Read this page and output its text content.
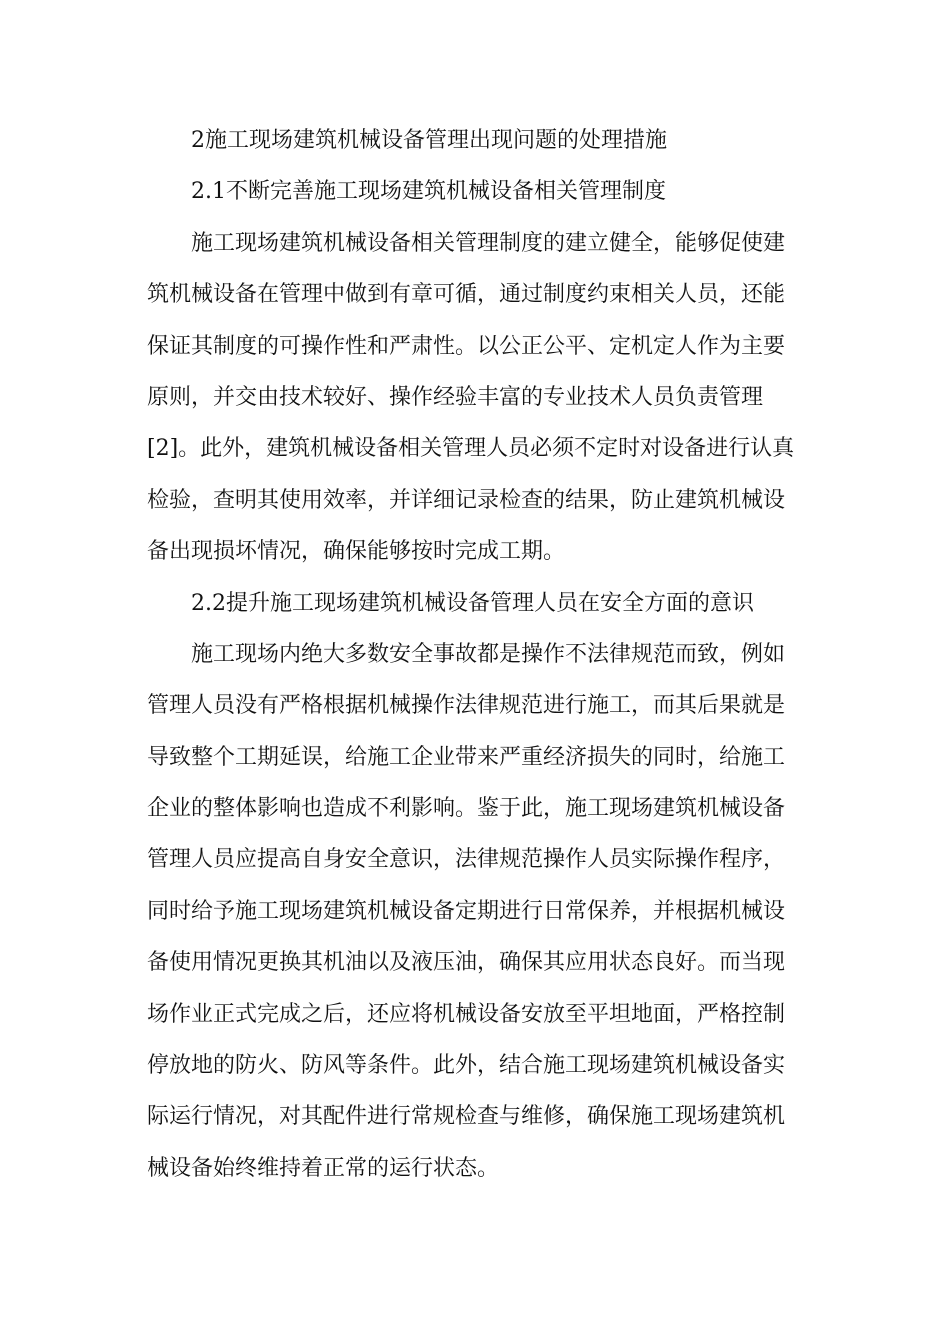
2施工现场建筑机械设备管理出现问题的处理措施

2.1不断完善施工现场建筑机械设备相关管理制度

施工现场建筑机械设备相关管理制度的建立健全，能够促使建
筑机械设备在管理中做到有章可循，通过制度约束相关人员，还能
保证其制度的可操作性和严肃性。以公正公平、定机定人作为主要
原则，并交由技术较好、操作经验丰富的专业技术人员负责管理
[2]。此外，建筑机械设备相关管理人员必须不定时对设备进行认真
检验，查明其使用效率，并详细记录检查的结果，防止建筑机械设
备出现损坏情况，确保能够按时完成工期。

2.2提升施工现场建筑机械设备管理人员在安全方面的意识

施工现场内绝大多数安全事故都是操作不法律规范而致，例如
管理人员没有严格根据机械操作法律规范进行施工，而其后果就是
导致整个工期延误，给施工企业带来严重经济损失的同时，给施工
企业的整体影响也造成不利影响。鉴于此，施工现场建筑机械设备
管理人员应提高自身安全意识，法律规范操作人员实际操作程序，
同时给予施工现场建筑机械设备定期进行日常保养，并根据机械设
备使用情况更换其机油以及液压油，确保其应用状态良好。而当现
场作业正式完成之后，还应将机械设备安放至平坦地面，严格控制
停放地的防火、防风等条件。此外，结合施工现场建筑机械设备实
际运行情况，对其配件进行常规检查与维修，确保施工现场建筑机
械设备始终维持着正常的运行状态。
